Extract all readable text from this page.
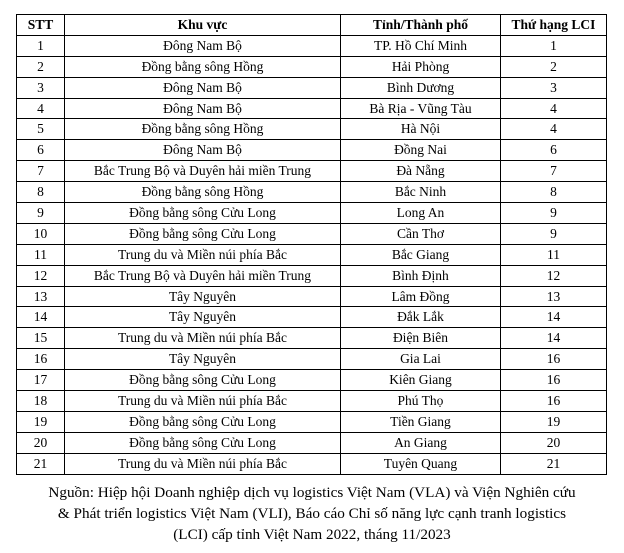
STT	Khu vực	Tỉnh/Thành phố	Thứ hạng LCI
1	Đông Nam Bộ	TP. Hồ Chí Minh	1
2	Đồng bằng sông Hồng	Hải Phòng	2
3	Đông Nam Bộ	Bình Dương	3
4	Đông Nam Bộ	Bà Rịa - Vũng Tàu	4
5	Đồng bằng sông Hồng	Hà Nội	4
6	Đông Nam Bộ	Đồng Nai	6
7	Bắc Trung Bộ và Duyên hải miền Trung	Đà Nẵng	7
8	Đồng bằng sông Hồng	Bắc Ninh	8
9	Đồng bằng sông Cửu Long	Long An	9
10	Đồng bằng sông Cửu Long	Cần Thơ	9
11	Trung du và Miền núi phía Bắc	Bắc Giang	11
12	Bắc Trung Bộ và Duyên hải miền Trung	Bình Định	12
13	Tây Nguyên	Lâm Đồng	13
14	Tây Nguyên	Đắk Lắk	14
15	Trung du và Miền núi phía Bắc	Điện Biên	14
16	Tây Nguyên	Gia Lai	16
17	Đồng bằng sông Cửu Long	Kiên Giang	16
18	Trung du và Miền núi phía Bắc	Phú Thọ	16
19	Đồng bằng sông Cửu Long	Tiền Giang	19
20	Đồng bằng sông Cửu Long	An Giang	20
21	Trung du và Miền núi phía Bắc	Tuyên Quang	21
Nguồn: Hiệp hội Doanh nghiệp dịch vụ logistics Việt Nam (VLA) và Viện Nghiên cứu
& Phát triển logistics Việt Nam (VLI), Báo cáo Chỉ số năng lực cạnh tranh logistics
(LCI) cấp tỉnh Việt Nam 2022, tháng 11/2023
